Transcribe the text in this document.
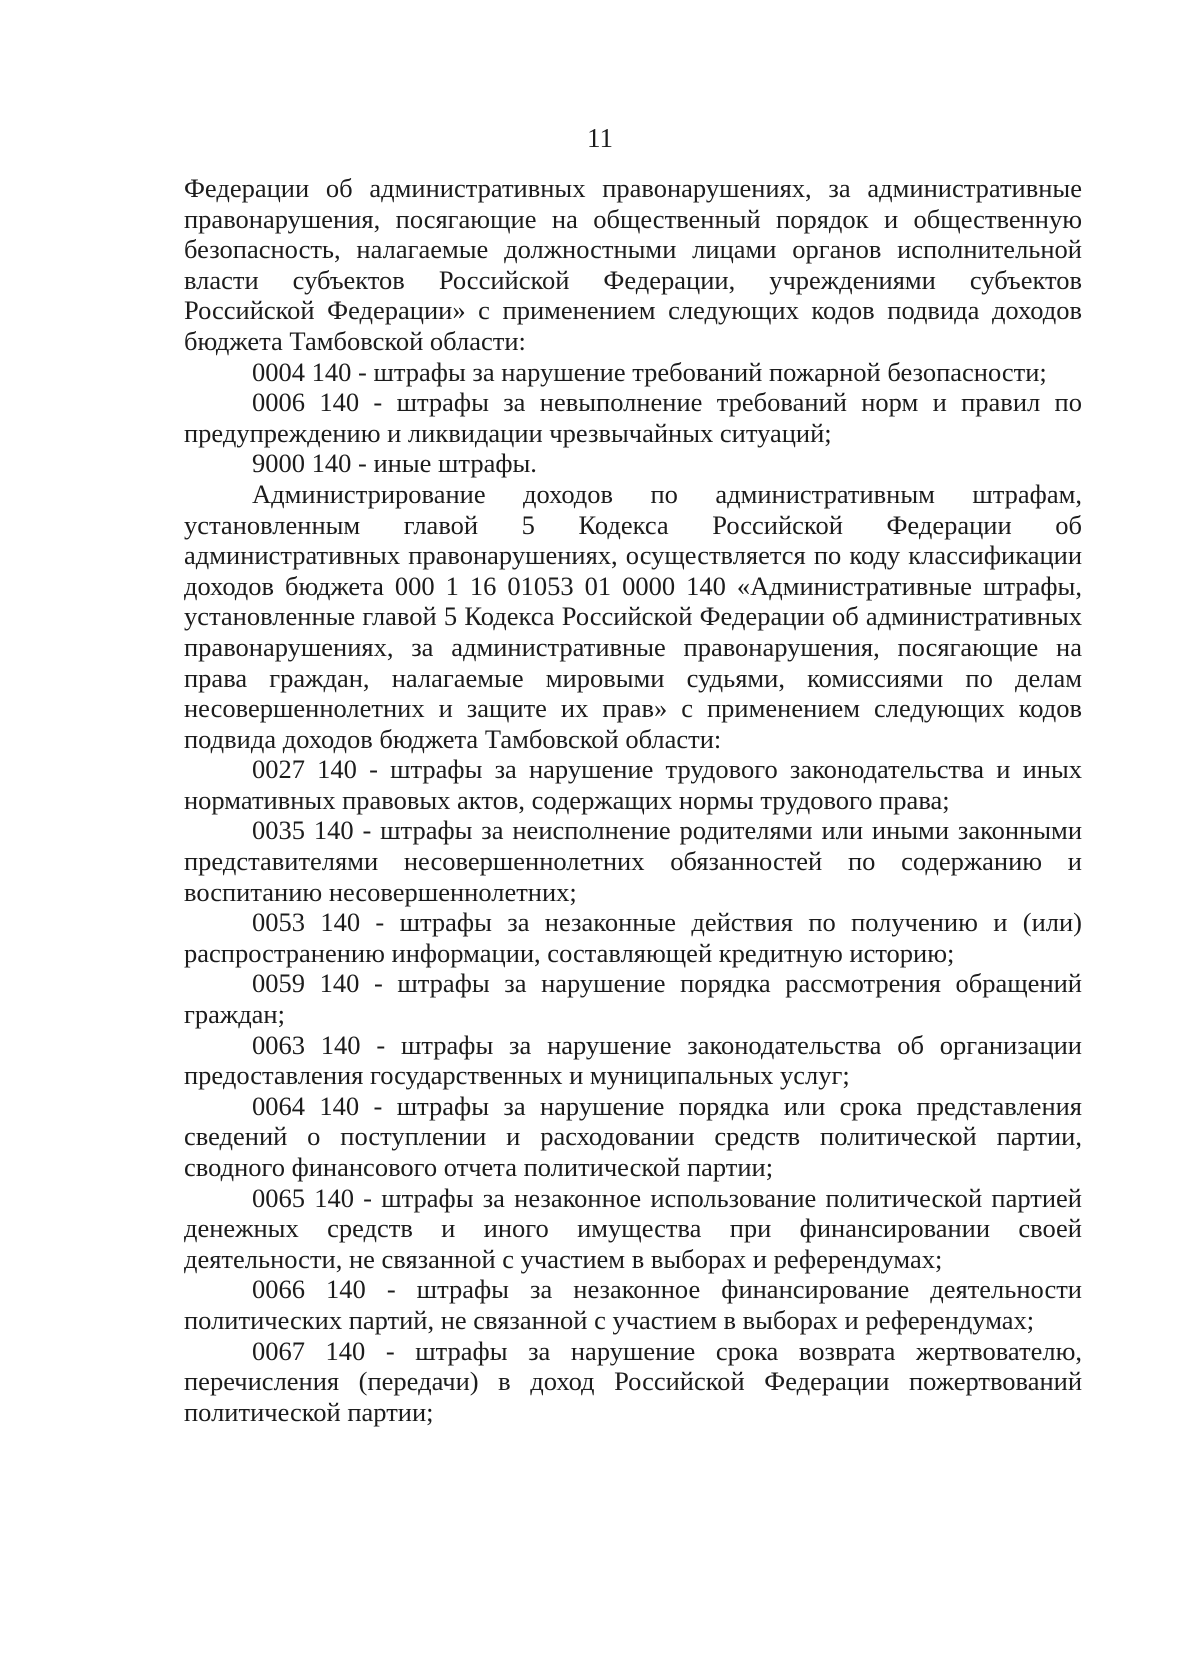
11

Федерации об административных правонарушениях, за административные правонарушения, посягающие на общественный порядок и общественную безопасность, налагаемые должностными лицами органов исполнительной власти субъектов Российской Федерации, учреждениями субъектов Российской Федерации» с применением следующих кодов подвида доходов бюджета Тамбовской области:

0004 140 - штрафы за нарушение требований пожарной безопасности;

0006 140 - штрафы за невыполнение требований норм и правил по предупреждению и ликвидации чрезвычайных ситуаций;

9000 140 - иные штрафы.

Администрирование доходов по административным штрафам, установленным главой 5 Кодекса Российской Федерации об административных правонарушениях, осуществляется по коду классификации доходов бюджета 000 1 16 01053 01 0000 140 «Административные штрафы, установленные главой 5 Кодекса Российской Федерации об административных правонарушениях, за административные правонарушения, посягающие на права граждан, налагаемые мировыми судьями, комиссиями по делам несовершеннолетних и защите их прав» с применением следующих кодов подвида доходов бюджета Тамбовской области:

0027 140 - штрафы за нарушение трудового законодательства и иных нормативных правовых актов, содержащих нормы трудового права;

0035 140 - штрафы за неисполнение родителями или иными законными представителями несовершеннолетних обязанностей по содержанию и воспитанию несовершеннолетних;

0053 140 - штрафы за незаконные действия по получению и (или) распространению информации, составляющей кредитную историю;

0059 140 - штрафы за нарушение порядка рассмотрения обращений граждан;

0063 140 - штрафы за нарушение законодательства об организации предоставления государственных и муниципальных услуг;

0064 140 - штрафы за нарушение порядка или срока представления сведений о поступлении и расходовании средств политической партии, сводного финансового отчета политической партии;

0065 140 - штрафы за незаконное использование политической партией денежных средств и иного имущества при финансировании своей деятельности, не связанной с участием в выборах и референдумах;

0066 140 - штрафы за незаконное финансирование деятельности политических партий, не связанной с участием в выборах и референдумах;

0067 140 - штрафы за нарушение срока возврата жертвователю, перечисления (передачи) в доход Российской Федерации пожертвований политической партии;
